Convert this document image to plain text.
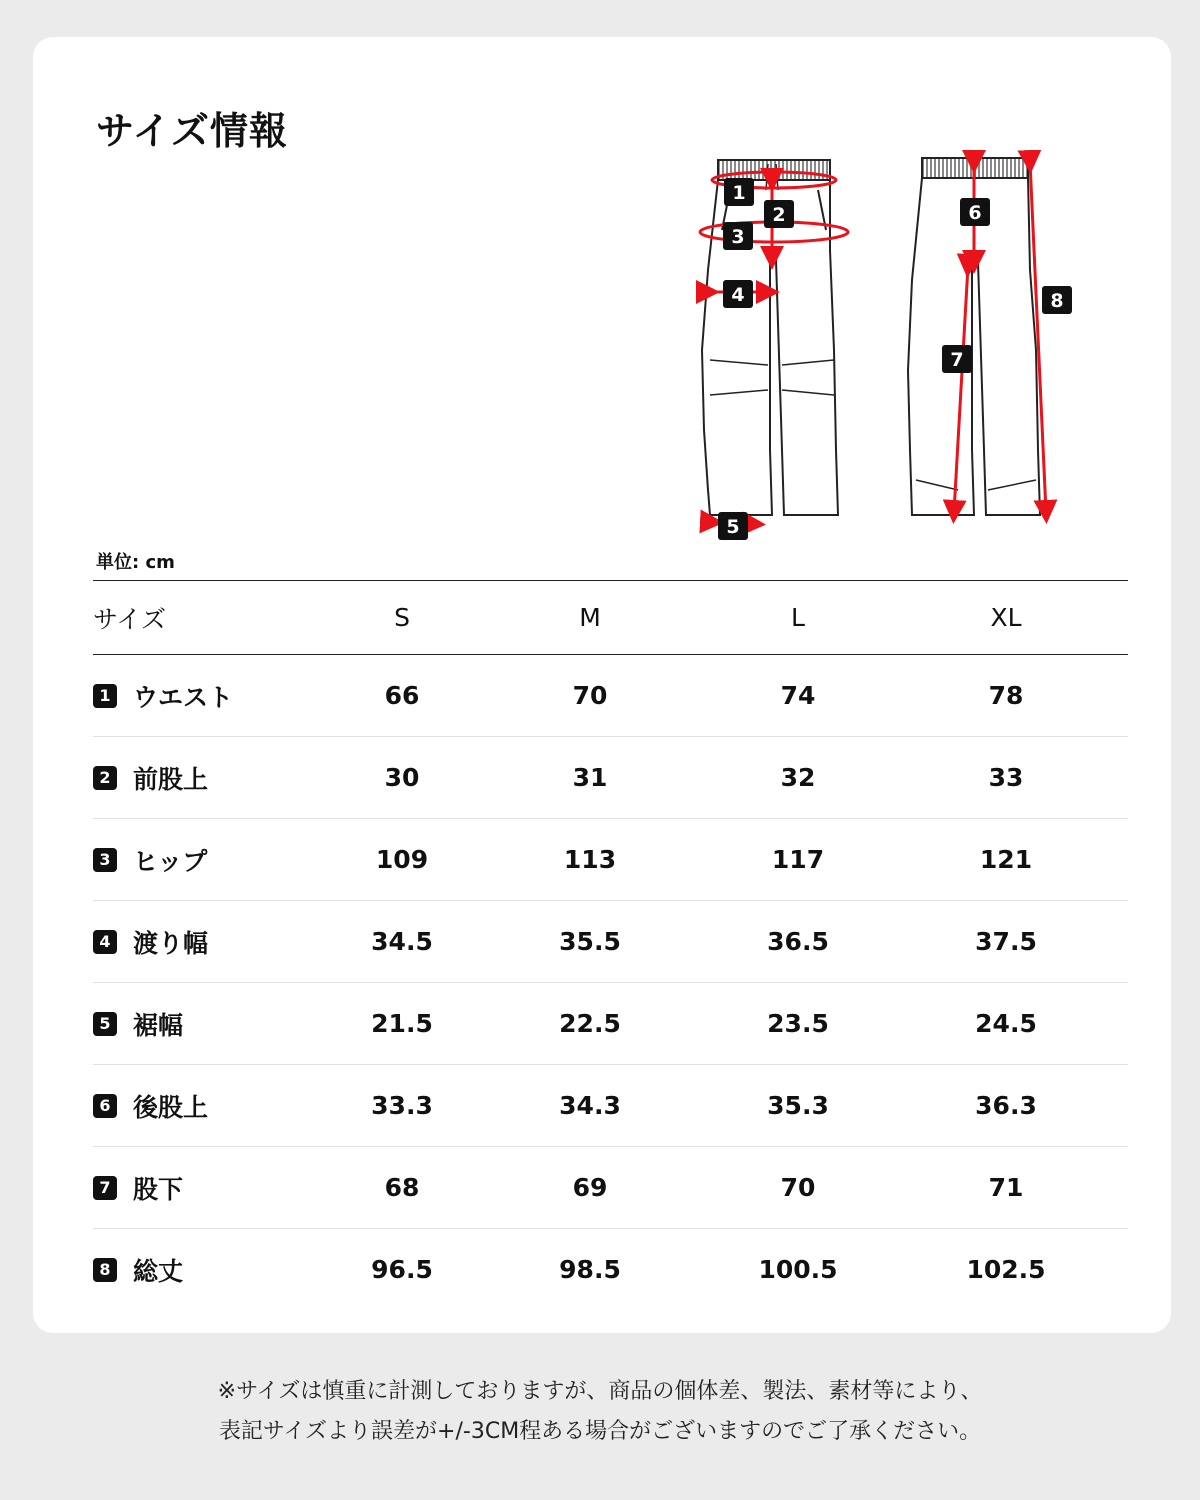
サイズ情報
1
2
3
4
5
6
7
8
単位: cm
サイズ	S	M	L	XL
1 ウエスト	66	70	74	78
2 前股上	30	31	32	33
3 ヒップ	109	113	117	121
4 渡り幅	34.5	35.5	36.5	37.5
5 裾幅	21.5	22.5	23.5	24.5
6 後股上	33.3	34.3	35.3	36.3
7 股下	68	69	70	71
8 総丈	96.5	98.5	100.5	102.5

※サイズは慎重に計測しておりますが、商品の個体差、製法、素材等により、

表記サイズより誤差が+/-3CM程ある場合がございますのでご了承ください。
